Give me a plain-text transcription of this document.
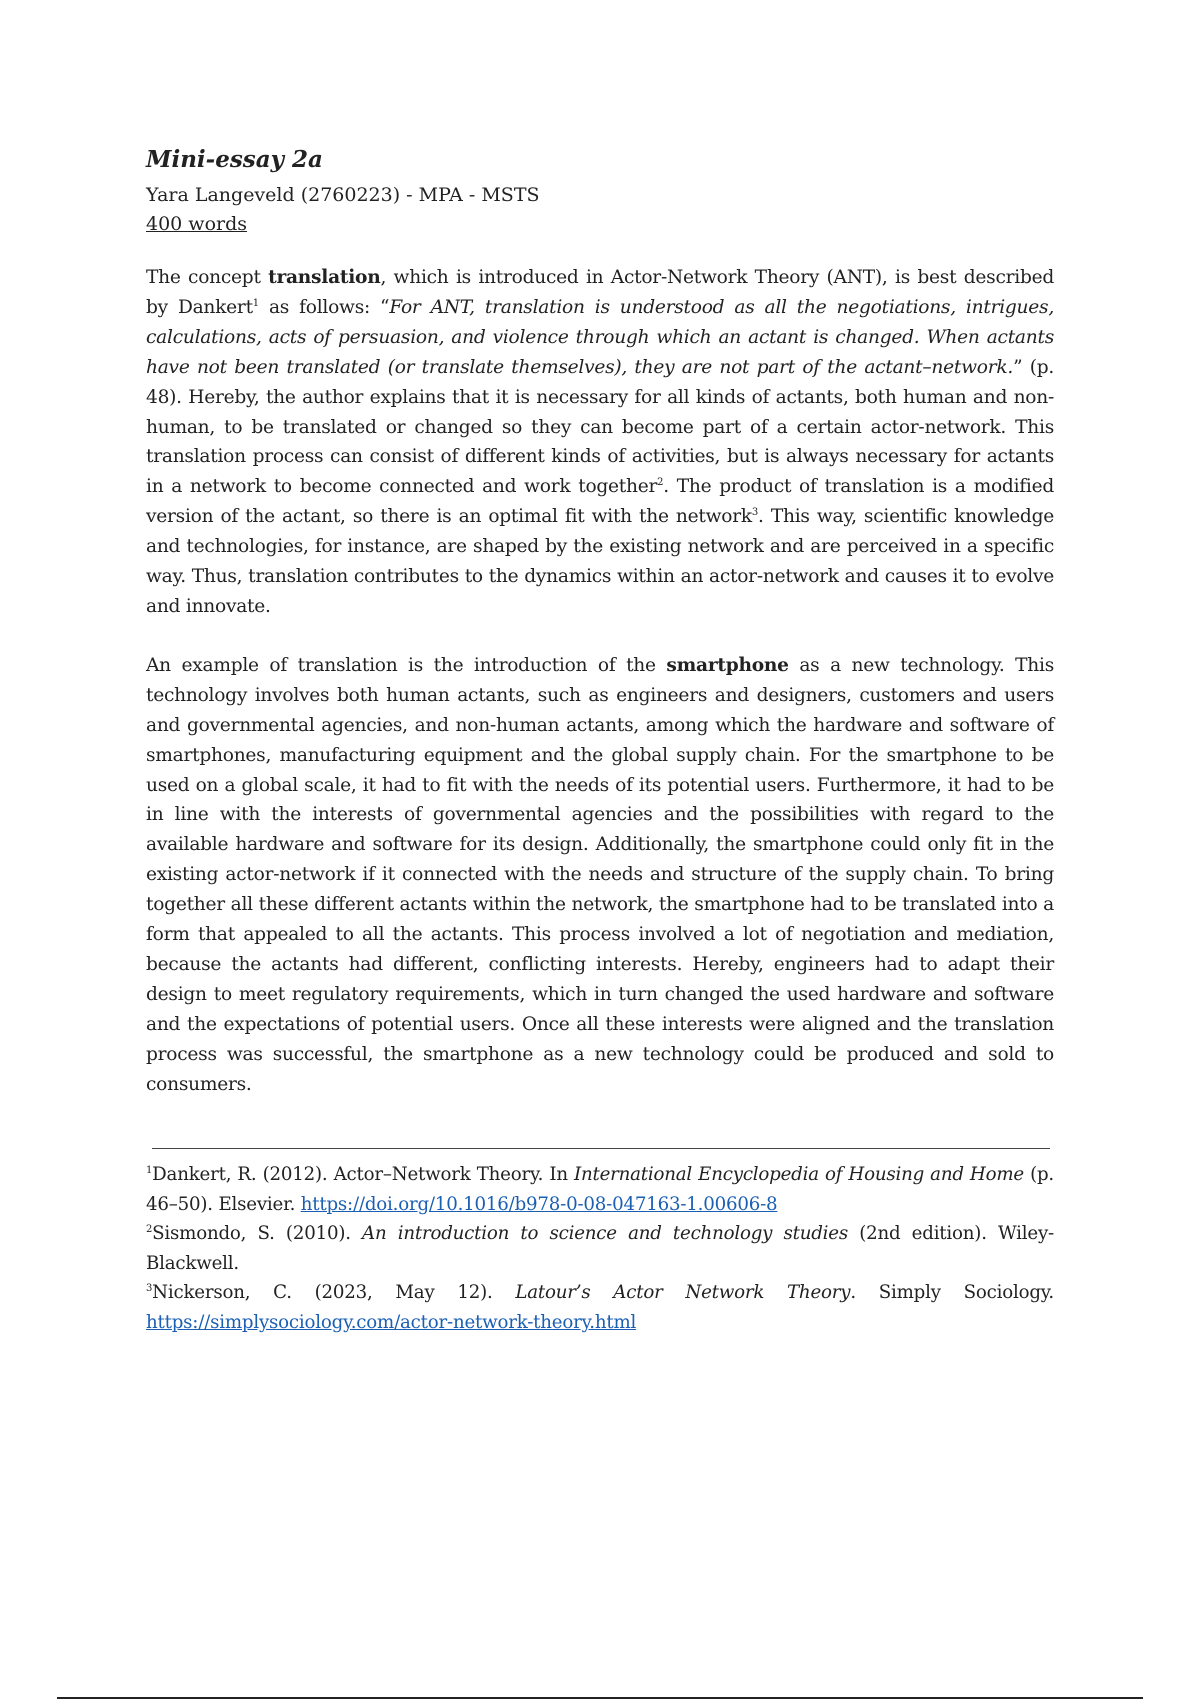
Mini-essay 2a
Yara Langeveld (2760223) - MPA - MSTS
400 words

The concept translation, which is introduced in Actor-Network Theory (ANT), is best described by Dankert$^1$ as follows: “For ANT, translation is understood as all the negotiations, intrigues, calculations, acts of persuasion, and violence through which an actant is changed. When actants have not been translated (or translate themselves), they are not part of the actant–network.” (p. 48). Hereby, the author explains that it is necessary for all kinds of actants, both human and non-human, to be translated or changed so they can become part of a certain actor-network. This translation process can consist of different kinds of activities, but is always necessary for actants in a network to become connected and work together$^2$. The product of translation is a modified version of the actant, so there is an optimal fit with the network$^3$. This way, scientific knowledge and technologies, for instance, are shaped by the existing network and are perceived in a specific way. Thus, translation contributes to the dynamics within an actor-network and causes it to evolve and innovate.

An example of translation is the introduction of the smartphone as a new technology. This technology involves both human actants, such as engineers and designers, customers and users and governmental agencies, and non-human actants, among which the hardware and software of smartphones, manufacturing equipment and the global supply chain. For the smartphone to be used on a global scale, it had to fit with the needs of its potential users. Furthermore, it had to be in line with the interests of governmental agencies and the possibilities with regard to the available hardware and software for its design. Additionally, the smartphone could only fit in the existing actor-network if it connected with the needs and structure of the supply chain. To bring together all these different actants within the network, the smartphone had to be translated into a form that appealed to all the actants. This process involved a lot of negotiation and mediation, because the actants had different, conflicting interests. Hereby, engineers had to adapt their design to meet regulatory requirements, which in turn changed the used hardware and software and the expectations of potential users. Once all these interests were aligned and the translation process was successful, the smartphone as a new technology could be produced and sold to consumers.

$^1$Dankert, R. (2012). Actor–Network Theory. In International Encyclopedia of Housing and Home (p. 46–50). Elsevier. https://doi.org/10.1016/b978-0-08-047163-1.00606-8

$^2$Sismondo, S. (2010). An introduction to science and technology studies (2nd edition). Wiley-Blackwell.

$^3$Nickerson, C. (2023, May 12). Latour’s Actor Network Theory. Simply Sociology. https://simplysociology.com/actor-network-theory.html
